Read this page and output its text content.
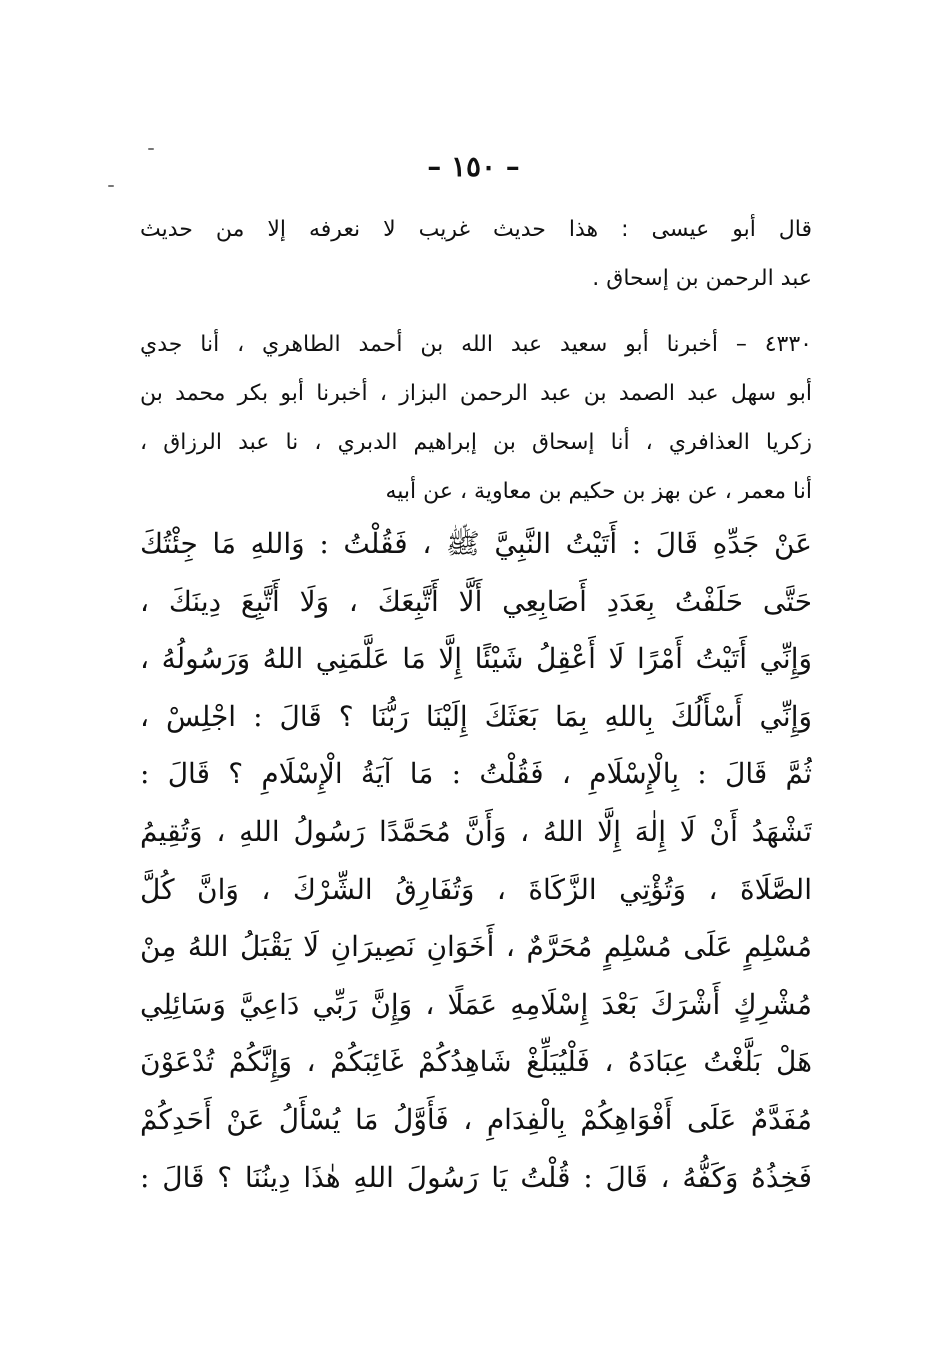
– ١٥٠ –
قال أبو عيسى : هذا حديث غريب لا نعرفه إلا من حديث
عبد الرحمن بن إسحاق .
٤٣٣٠ – أخبرنا أبو سعيد عبد الله بن أحمد الطاهري ، أنا جدي
أبو سهل عبد الصمد بن عبد الرحمن البزاز ، أخبرنا أبو بكر محمد بن
زكريا العذافري ، أنا إسحاق بن إبراهيم الدبري ، نا عبد الرزاق ،
أنا معمر ، عن بهز بن حكيم بن معاوية ، عن أبيه
عَنْ جَدِّهِ قَالَ : أَتَيْتُ النَّبِيَّ ﷺ ، فَقُلْتُ : وَاللهِ مَا جِئْتُكَ
حَتَّى حَلَفْتُ بِعَدَدِ أَصَابِعِي أَلَّا أَتَّبِعَكَ ، وَلَا أَتَّبِعَ دِينَكَ ،
وَإِنِّي أَتَيْتُ أَمْرًا لَا أَعْقِلُ شَيْئًا إِلَّا مَا عَلَّمَنِي اللهُ وَرَسُولُهُ ،
وَإِنِّي أَسْأَلُكَ بِاللهِ بِمَا بَعَثَكَ إِلَيْنَا رَبُّنَا ؟ قَالَ : اجْلِسْ ،
ثُمَّ قَالَ : بِالْإِسْلَامِ ، فَقُلْتُ : مَا آيَةُ الْإِسْلَامِ ؟ قَالَ :
تَشْهَدُ أَنْ لَا إِلٰهَ إِلَّا اللهُ ، وَأَنَّ مُحَمَّدًا رَسُولُ اللهِ ، وَتُقِيمُ
الصَّلَاةَ ، وَتُؤْتِي الزَّكَاةَ ، وَتُفَارِقُ الشِّرْكَ ، وَانَّ كُلَّ
مُسْلِمٍ عَلَى مُسْلِمٍ مُحَرَّمٌ ، أَخَوَانِ نَصِيرَانِ لَا يَقْبَلُ اللهُ مِنْ
مُشْرِكٍ أَشْرَكَ بَعْدَ إِسْلَامِهِ عَمَلًا ، وَإِنَّ رَبِّي دَاعِيَّ وَسَائِلِي
هَلْ بَلَّغْتُ عِبَادَهُ ، فَلْيُبَلِّغْ شَاهِدُكُمْ غَائِبَكُمْ ، وَإِنَّكُمْ تُدْعَوْنَ
مُفَدَّمٌ عَلَى أَفْوَاهِكُمْ بِالْفِدَامِ ، فَأَوَّلُ مَا يُسْأَلُ عَنْ أَحَدِكُمْ
فَخِذُهُ وَكَفُّهُ ، قَالَ : قُلْتُ يَا رَسُولَ اللهِ هٰذَا دِينُنَا ؟ قَالَ :
